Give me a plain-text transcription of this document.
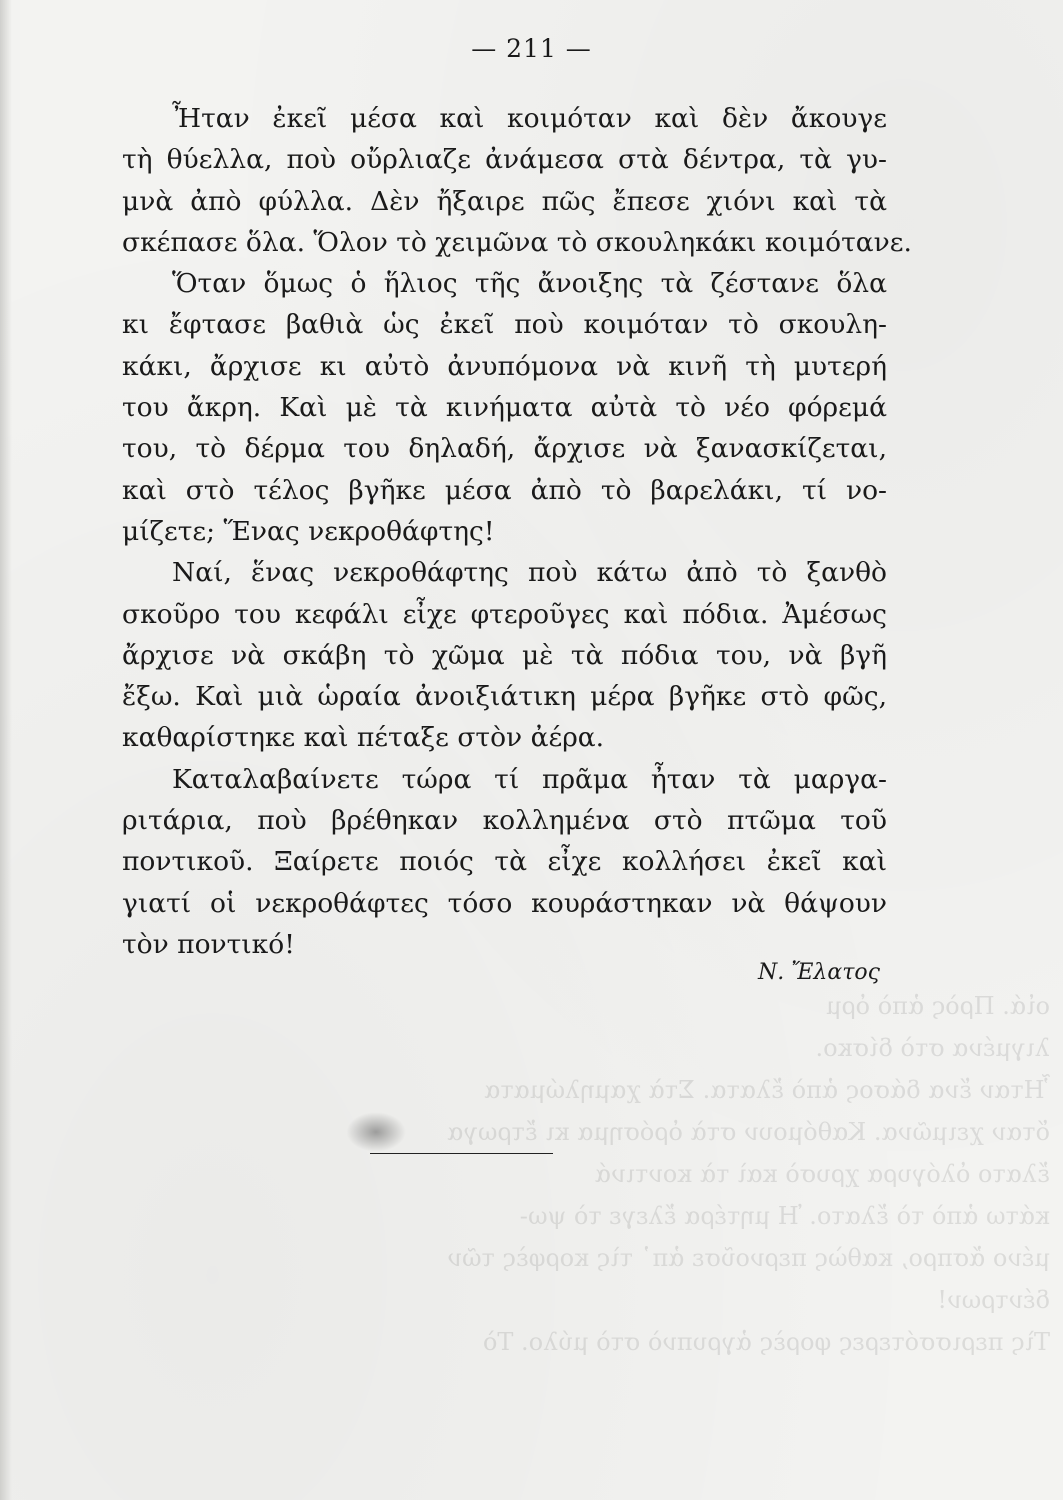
οἱά. Πρὸς ἀπὸ ὁρμ
λιγμένα στὸ δίσκο.
Ἦταν ἕνα δάσος ἀπὸ ἔλατα. Στὰ χαμηλώματα
ὅταν χειμῶνα. Καθόμουν στὰ ὁρόσημα κι ἔτρωγα
ἔλατο ὁλόγυρα χρυσὸ καὶ τὰ κοντινά
κάτω ἀπὸ τὸ ἔλατο. Ἡ μητέρα ἔλεγε τὸ ψω-
μένο ἄσπρο, καθὼς περνοῦσε ἀπ᾽ τὶς κορφὲς τῶν
δέντρων!
Τὶς περισσότερες φορὲς ἀγρυπνὸ στὸ μύλο. Τὸ
— 211 —
Ἦταν ἐκεῖ μέσα καὶ κοιμόταν καὶ δὲν ἄκουγε
τὴ θύελλα, ποὺ οὔρλιαζε ἀνάμεσα στὰ δέντρα, τὰ γυ-
μνὰ ἀπὸ φύλλα. Δὲν ἤξαιρε πῶς ἔπεσε χιόνι καὶ τὰ
σκέπασε ὅλα. Ὅλον τὸ χειμῶνα τὸ σκουληκάκι κοιμότανε.
Ὅταν ὅμως ὁ ἥλιος τῆς ἄνοιξης τὰ ζέστανε ὅλα
κι ἔφτασε βαθιὰ ὡς ἐκεῖ ποὺ κοιμόταν τὸ σκουλη-
κάκι, ἄρχισε κι αὐτὸ ἀνυπόμονα νὰ κινῆ τὴ μυτερή
του ἄκρη. Καὶ μὲ τὰ κινήματα αὐτὰ τὸ νέο φόρεμά
του, τὸ δέρμα του δηλαδή, ἄρχισε νὰ ξανασκίζεται,
καὶ στὸ τέλος βγῆκε μέσα ἀπὸ τὸ βαρελάκι, τί νο-
μίζετε; Ἕνας νεκροθάφτης!
Ναί, ἕνας νεκροθάφτης ποὺ κάτω ἀπὸ τὸ ξανθὸ
σκοῦρο του κεφάλι εἶχε φτεροῦγες καὶ πόδια. Ἀμέσως
ἄρχισε νὰ σκάβη τὸ χῶμα μὲ τὰ πόδια του, νὰ βγῆ
ἔξω. Καὶ μιὰ ὡραία ἀνοιξιάτικη μέρα βγῆκε στὸ φῶς,
καθαρίστηκε καὶ πέταξε στὸν ἀέρα.
Καταλαβαίνετε τώρα τί πρᾶμα ἦταν τὰ μαργα-
ριτάρια, ποὺ βρέθηκαν κολλημένα στὸ πτῶμα τοῦ
ποντικοῦ. Ξαίρετε ποιός τὰ εἶχε κολλήσει ἐκεῖ καὶ
γιατί οἱ νεκροθάφτες τόσο κουράστηκαν νὰ θάψουν
τὸν ποντικό!
Ν. Ἔλατος
